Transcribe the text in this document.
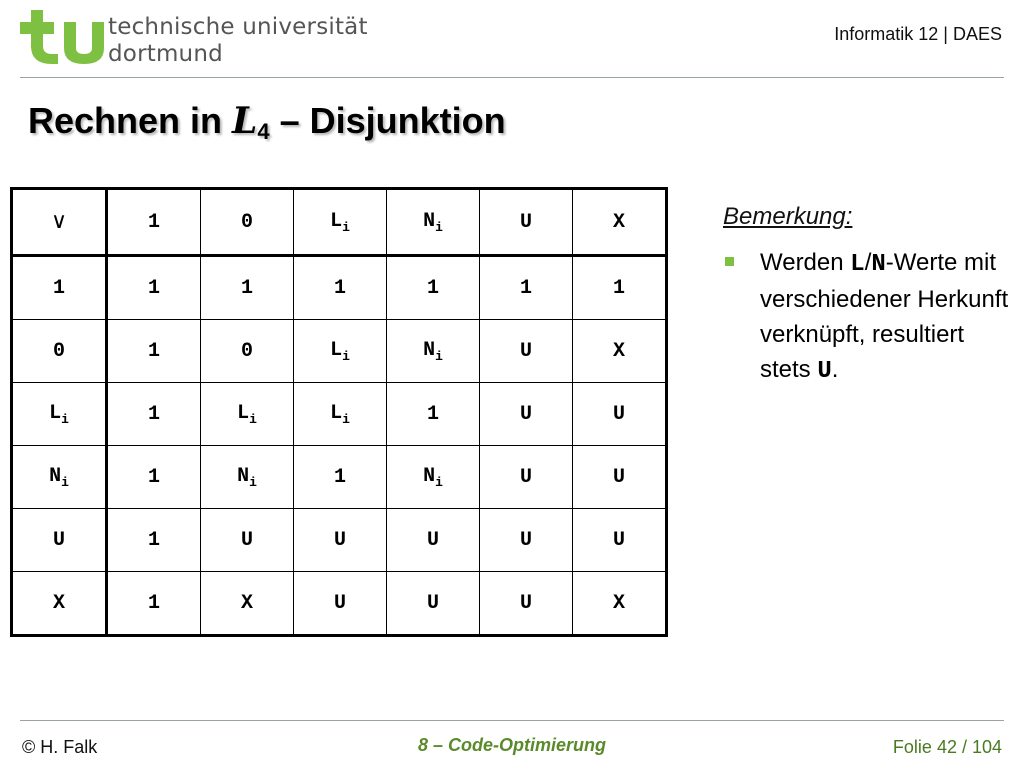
technische universität
dortmund
Informatik 12 | DAES
Rechnen in $L_4$ – Disjunktion
∨	1	0	$L_i$	$N_i$	U	X
1	1	1	1	1	1	1
0	1	0	$L_i$	$N_i$	U	X
$L_i$	1	$L_i$	$L_i$	1	U	U
$N_i$	1	$N_i$	1	$N_i$	U	U
U	1	U	U	U	U	U
X	1	X	U	U	U	X
Bemerkung:
Werden L/N-Werte mit verschiedener Herkunft verknüpft, resultiert stets U.
© H. Falk	8 – Code-Optimierung	Folie 42 / 104
